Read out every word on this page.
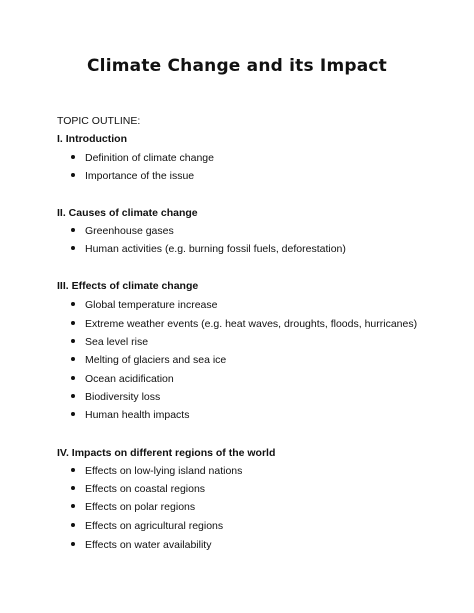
Climate Change and its Impact
TOPIC OUTLINE:
I. Introduction
Definition of climate change
Importance of the issue
II. Causes of climate change
Greenhouse gases
Human activities (e.g. burning fossil fuels, deforestation)
III. Effects of climate change
Global temperature increase
Extreme weather events (e.g. heat waves, droughts, floods, hurricanes)
Sea level rise
Melting of glaciers and sea ice
Ocean acidification
Biodiversity loss
Human health impacts
IV. Impacts on different regions of the world
Effects on low-lying island nations
Effects on coastal regions
Effects on polar regions
Effects on agricultural regions
Effects on water availability
